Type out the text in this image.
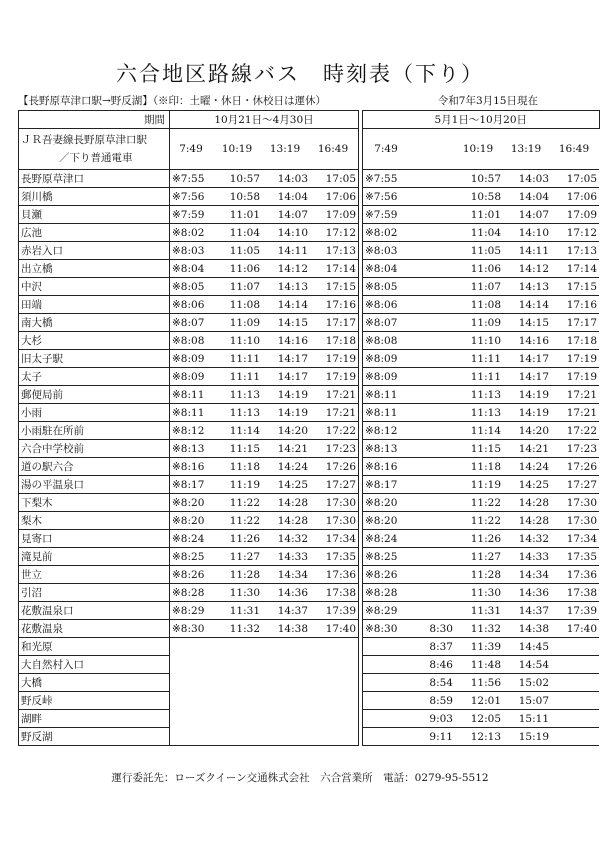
六合地区路線バス　時刻表（下り）
【長野原草津口駅→野反湖】（※印：土曜・休日・休校日は運休）	令和7年3月15日現在
期間	10月21日～4月30日					5月1日～10月20日				
ＪＲ吾妻線長野原草津口駅
／下り普通電車	7:49	10:19	13:19	16:49		7:49		10:19	13:19	16:49
長野原草津口	※7:55	10:57	14:03	17:05		※7:55		10:57	14:03	17:05
須川橋	※7:56	10:58	14:04	17:06		※7:56		10:58	14:04	17:06
貝瀬	※7:59	11:01	14:07	17:09		※7:59		11:01	14:07	17:09
広池	※8:02	11:04	14:10	17:12		※8:02		11:04	14:10	17:12
赤岩入口	※8:03	11:05	14:11	17:13		※8:03		11:05	14:11	17:13
出立橋	※8:04	11:06	14:12	17:14		※8:04		11:06	14:12	17:14
中沢	※8:05	11:07	14:13	17:15		※8:05		11:07	14:13	17:15
田端	※8:06	11:08	14:14	17:16		※8:06		11:08	14:14	17:16
南大橋	※8:07	11:09	14:15	17:17		※8:07		11:09	14:15	17:17
大杉	※8:08	11:10	14:16	17:18		※8:08		11:10	14:16	17:18
旧太子駅	※8:09	11:11	14:17	17:19		※8:09		11:11	14:17	17:19
太子	※8:09	11:11	14:17	17:19		※8:09		11:11	14:17	17:19
郵便局前	※8:11	11:13	14:19	17:21		※8:11		11:13	14:19	17:21
小雨	※8:11	11:13	14:19	17:21		※8:11		11:13	14:19	17:21
小雨駐在所前	※8:12	11:14	14:20	17:22		※8:12		11:14	14:20	17:22
六合中学校前	※8:13	11:15	14:21	17:23		※8:13		11:15	14:21	17:23
道の駅六合	※8:16	11:18	14:24	17:26		※8:16		11:18	14:24	17:26
湯の平温泉口	※8:17	11:19	14:25	17:27		※8:17		11:19	14:25	17:27
下梨木	※8:20	11:22	14:28	17:30		※8:20		11:22	14:28	17:30
梨木	※8:20	11:22	14:28	17:30		※8:20		11:22	14:28	17:30
見寄口	※8:24	11:26	14:32	17:34		※8:24		11:26	14:32	17:34
滝見前	※8:25	11:27	14:33	17:35		※8:25		11:27	14:33	17:35
世立	※8:26	11:28	14:34	17:36		※8:26		11:28	14:34	17:36
引沼	※8:28	11:30	14:36	17:38		※8:28		11:30	14:36	17:38
花敷温泉口	※8:29	11:31	14:37	17:39		※8:29		11:31	14:37	17:39
花敷温泉	※8:30	11:32	14:38	17:40		※8:30	8:30	11:32	14:38	17:40
和光原							8:37	11:39	14:45	
大自然村入口							8:46	11:48	14:54	
大橋							8:54	11:56	15:02	
野反峠							8:59	12:01	15:07	
湖畔							9:03	12:05	15:11	
野反湖							9:11	12:13	15:19	
運行委託先：ローズクイーン交通株式会社　六合営業所　電話：0279-95-5512
